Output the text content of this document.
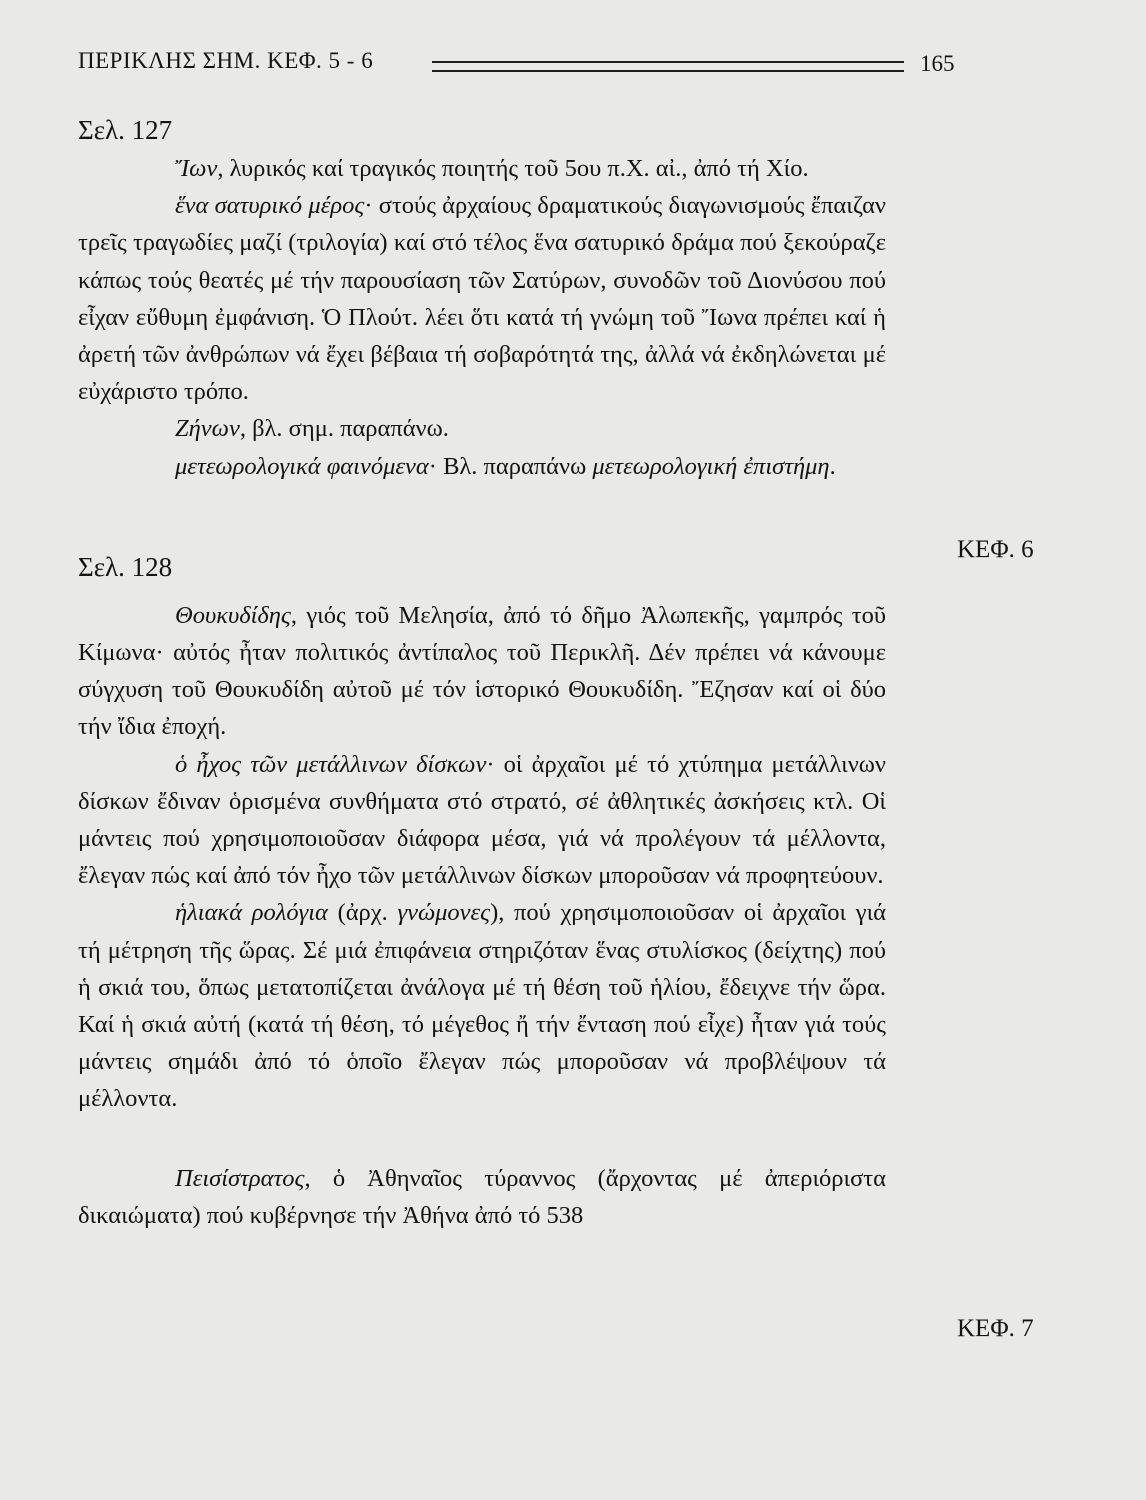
ΠΕΡΙΚΛΗΣ ΣΗΜ. ΚΕΦ. 5 - 6	165

Σελ. 127

Ἴων, λυρικός καί τραγικός ποιητής τοῦ 5ου π.Χ. αἰ., ἀπό τή Χίο.

ἕνα σατυρικό μέρος· στούς ἀρχαίους δραματικούς διαγωνισμούς ἔπαιζαν τρεῖς τραγωδίες μαζί (τριλογία) καί στό τέλος ἕνα σατυρικό δράμα πού ξεκούραζε κάπως τούς θεατές μέ τήν παρουσίαση τῶν Σατύρων, συνοδῶν τοῦ Διονύσου πού εἶχαν εὔθυμη ἐμφάνιση. Ὁ Πλούτ. λέει ὅτι κατά τή γνώμη τοῦ Ἴωνα πρέπει καί ἡ ἀρετή τῶν ἀνθρώπων νά ἔχει βέβαια τή σοβαρότητά της, ἀλλά νά ἐκδηλώνεται μέ εὐχάριστο τρόπο.

Ζήνων, βλ. σημ. παραπάνω.

μετεωρολογικά φαινόμενα· Βλ. παραπάνω μετεωρολογική ἐπιστήμη.

Σελ. 128

Θουκυδίδης, γιός τοῦ Μελησία, ἀπό τό δῆμο Ἀλωπεκῆς, γαμπρός τοῦ Κίμωνα· αὐτός ἦταν πολιτικός ἀντίπαλος τοῦ Περικλῆ. Δέν πρέπει νά κάνουμε σύγχυση τοῦ Θουκυδίδη αὐτοῦ μέ τόν ἱστορικό Θουκυδίδη. Ἔζησαν καί οἱ δύο τήν ἴδια ἐποχή.

ὁ ἦχος τῶν μετάλλινων δίσκων· οἱ ἀρχαῖοι μέ τό χτύπημα μετάλλινων δίσκων ἔδιναν ὁρισμένα συνθήματα στό στρατό, σέ ἀθλητικές ἀσκήσεις κτλ. Οἱ μάντεις πού χρησιμοποιοῦσαν διάφορα μέσα, γιά νά προλέγουν τά μέλλοντα, ἔλεγαν πώς καί ἀπό τόν ἦχο τῶν μετάλλινων δίσκων μποροῦσαν νά προφητεύουν.

ἡλιακά ρολόγια (ἀρχ. γνώμονες), πού χρησιμοποιοῦσαν οἱ ἀρχαῖοι γιά τή μέτρηση τῆς ὥρας. Σέ μιά ἐπιφάνεια στηριζόταν ἕνας στυλίσκος (δείχτης) πού ἡ σκιά του, ὅπως μετατοπίζεται ἀνάλογα μέ τή θέση τοῦ ἡλίου, ἔδειχνε τήν ὥρα. Καί ἡ σκιά αὐτή (κατά τή θέση, τό μέγεθος ἤ τήν ἔνταση πού εἶχε) ἦταν γιά τούς μάντεις σημάδι ἀπό τό ὁποῖο ἔλεγαν πώς μποροῦσαν νά προβλέψουν τά μέλλοντα.

Πεισίστρατος, ὁ Ἀθηναῖος τύραννος (ἄρχοντας μέ ἀπεριόριστα δικαιώματα) πού κυβέρνησε τήν Ἀθήνα ἀπό τό 538

ΚΕΦ. 6
ΚΕΦ. 7
